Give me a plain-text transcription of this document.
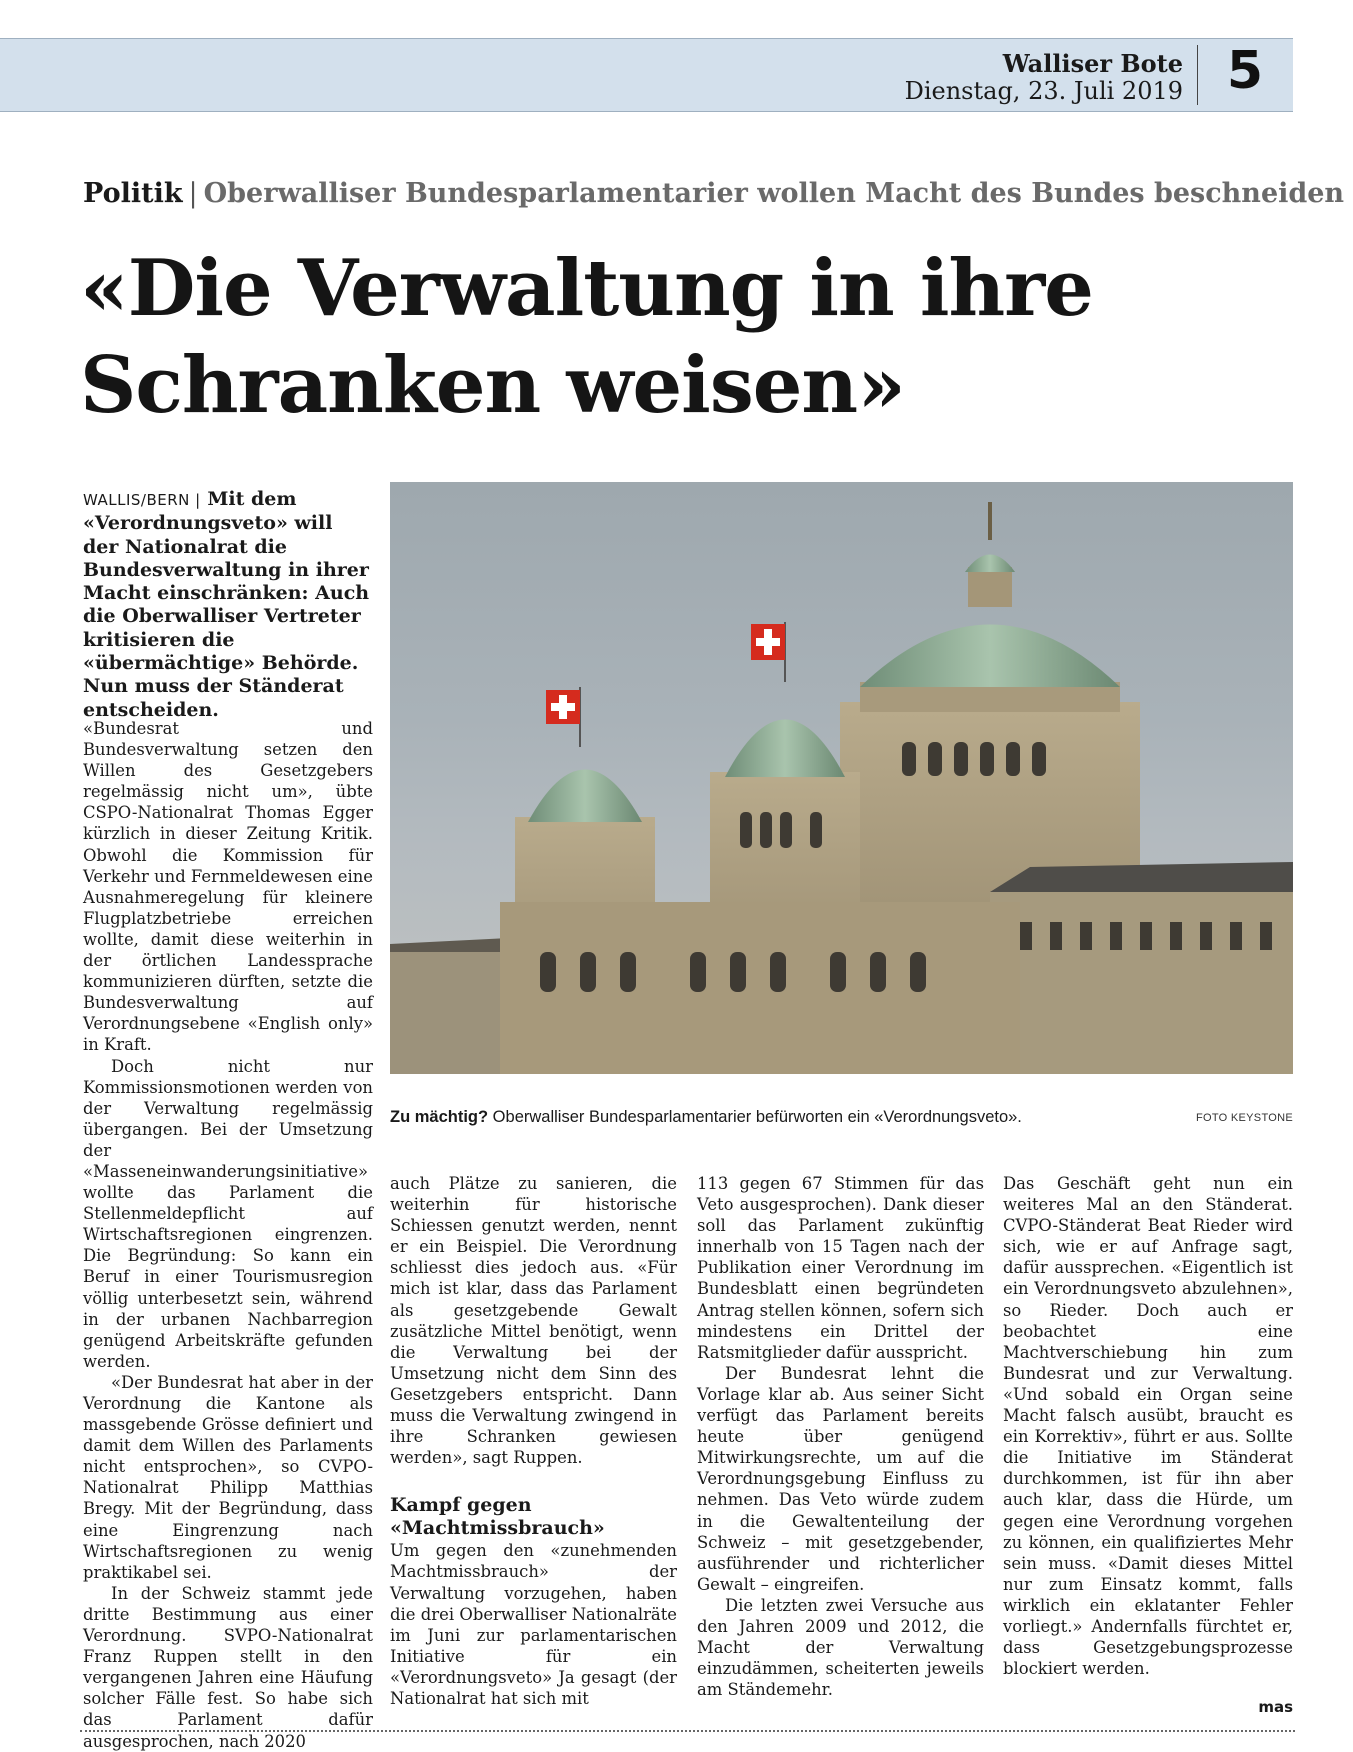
Walliser Bote
Dienstag, 23. Juli 2019 5
Politik | Oberwalliser Bundesparlamentarier wollen Macht des Bundes beschneiden
«Die Verwaltung in ihre
Schranken weisen»
WALLIS/BERN | Mit dem «Verordnungsveto» will der Nationalrat die Bundesverwaltung in ihrer Macht einschränken: Auch die Oberwalliser Vertreter kritisieren die «übermächtige» Behörde. Nun muss der Ständerat entscheiden.
Zu mächtig? Oberwalliser Bundesparlamentarier befürworten ein «Verordnungsveto».	FOTO KEYSTONE

«Bundesrat und Bundesverwaltung setzen den Willen des Gesetzgebers regelmässig nicht um», übte CSPO-Nationalrat Thomas Egger kürzlich in dieser Zeitung Kritik. Obwohl die Kommission für Verkehr und Fernmeldewesen eine Ausnahmeregelung für kleinere Flugplatzbetriebe erreichen wollte, damit diese weiterhin in der örtlichen Landessprache kommunizieren dürften, setzte die Bundesverwaltung auf Verordnungsebene «English only» in Kraft.

Doch nicht nur Kommissionsmotionen werden von der Verwaltung regelmässig übergangen. Bei der Umsetzung der «Masseneinwanderungsinitiative» wollte das Parlament die Stellenmeldepflicht auf Wirtschaftsregionen eingrenzen. Die Begründung: So kann ein Beruf in einer Tourismusregion völlig unterbesetzt sein, während in der urbanen Nachbarregion genügend Arbeitskräfte gefunden werden.

«Der Bundesrat hat aber in der Verordnung die Kantone als massgebende Grösse definiert und damit dem Willen des Parlaments nicht entsprochen», so CVPO-Nationalrat Philipp Matthias Bregy. Mit der Begründung, dass eine Eingrenzung nach Wirtschaftsregionen zu wenig praktikabel sei.

In der Schweiz stammt jede dritte Bestimmung aus einer Verordnung. SVPO-Nationalrat Franz Ruppen stellt in den vergangenen Jahren eine Häufung solcher Fälle fest. So habe sich das Parlament dafür ausgesprochen, nach 2020

auch Plätze zu sanieren, die weiterhin für historische Schiessen genutzt werden, nennt er ein Beispiel. Die Verordnung schliesst dies jedoch aus. «Für mich ist klar, dass das Parlament als gesetzgebende Gewalt zusätzliche Mittel benötigt, wenn die Verwaltung bei der Umsetzung nicht dem Sinn des Gesetzgebers entspricht. Dann muss die Verwaltung zwingend in ihre Schranken gewiesen werden», sagt Ruppen.

Kampf gegen «Machtmissbrauch»

Um gegen den «zunehmenden Machtmissbrauch» der Verwaltung vorzugehen, haben die drei Oberwalliser Nationalräte im Juni zur parlamentarischen Initiative für ein «Verordnungsveto» Ja gesagt (der Nationalrat hat sich mit

113 gegen 67 Stimmen für das Veto ausgesprochen). Dank dieser soll das Parlament zukünftig innerhalb von 15 Tagen nach der Publikation einer Verordnung im Bundesblatt einen begründeten Antrag stellen können, sofern sich mindestens ein Drittel der Ratsmitglieder dafür ausspricht.

Der Bundesrat lehnt die Vorlage klar ab. Aus seiner Sicht verfügt das Parlament bereits heute über genügend Mitwirkungsrechte, um auf die Verordnungsgebung Einfluss zu nehmen. Das Veto würde zudem in die Gewaltenteilung der Schweiz – mit gesetzgebender, ausführender und richterlicher Gewalt – eingreifen.

Die letzten zwei Versuche aus den Jahren 2009 und 2012, die Macht der Verwaltung einzudämmen, scheiterten jeweils am Ständemehr.

Das Geschäft geht nun ein weiteres Mal an den Ständerat. CVPO-Ständerat Beat Rieder wird sich, wie er auf Anfrage sagt, dafür aussprechen. «Eigentlich ist ein Verordnungsveto abzulehnen», so Rieder. Doch auch er beobachtet eine Machtverschiebung hin zum Bundesrat und zur Verwaltung. «Und sobald ein Organ seine Macht falsch ausübt, braucht es ein Korrektiv», führt er aus. Sollte die Initiative im Ständerat durchkommen, ist für ihn aber auch klar, dass die Hürde, um gegen eine Verordnung vorgehen zu können, ein qualifiziertes Mehr sein muss. «Damit dieses Mittel nur zum Einsatz kommt, falls wirklich ein eklatanter Fehler vorliegt.» Andernfalls fürchtet er, dass Gesetzgebungsprozesse blockiert werden.

mas
